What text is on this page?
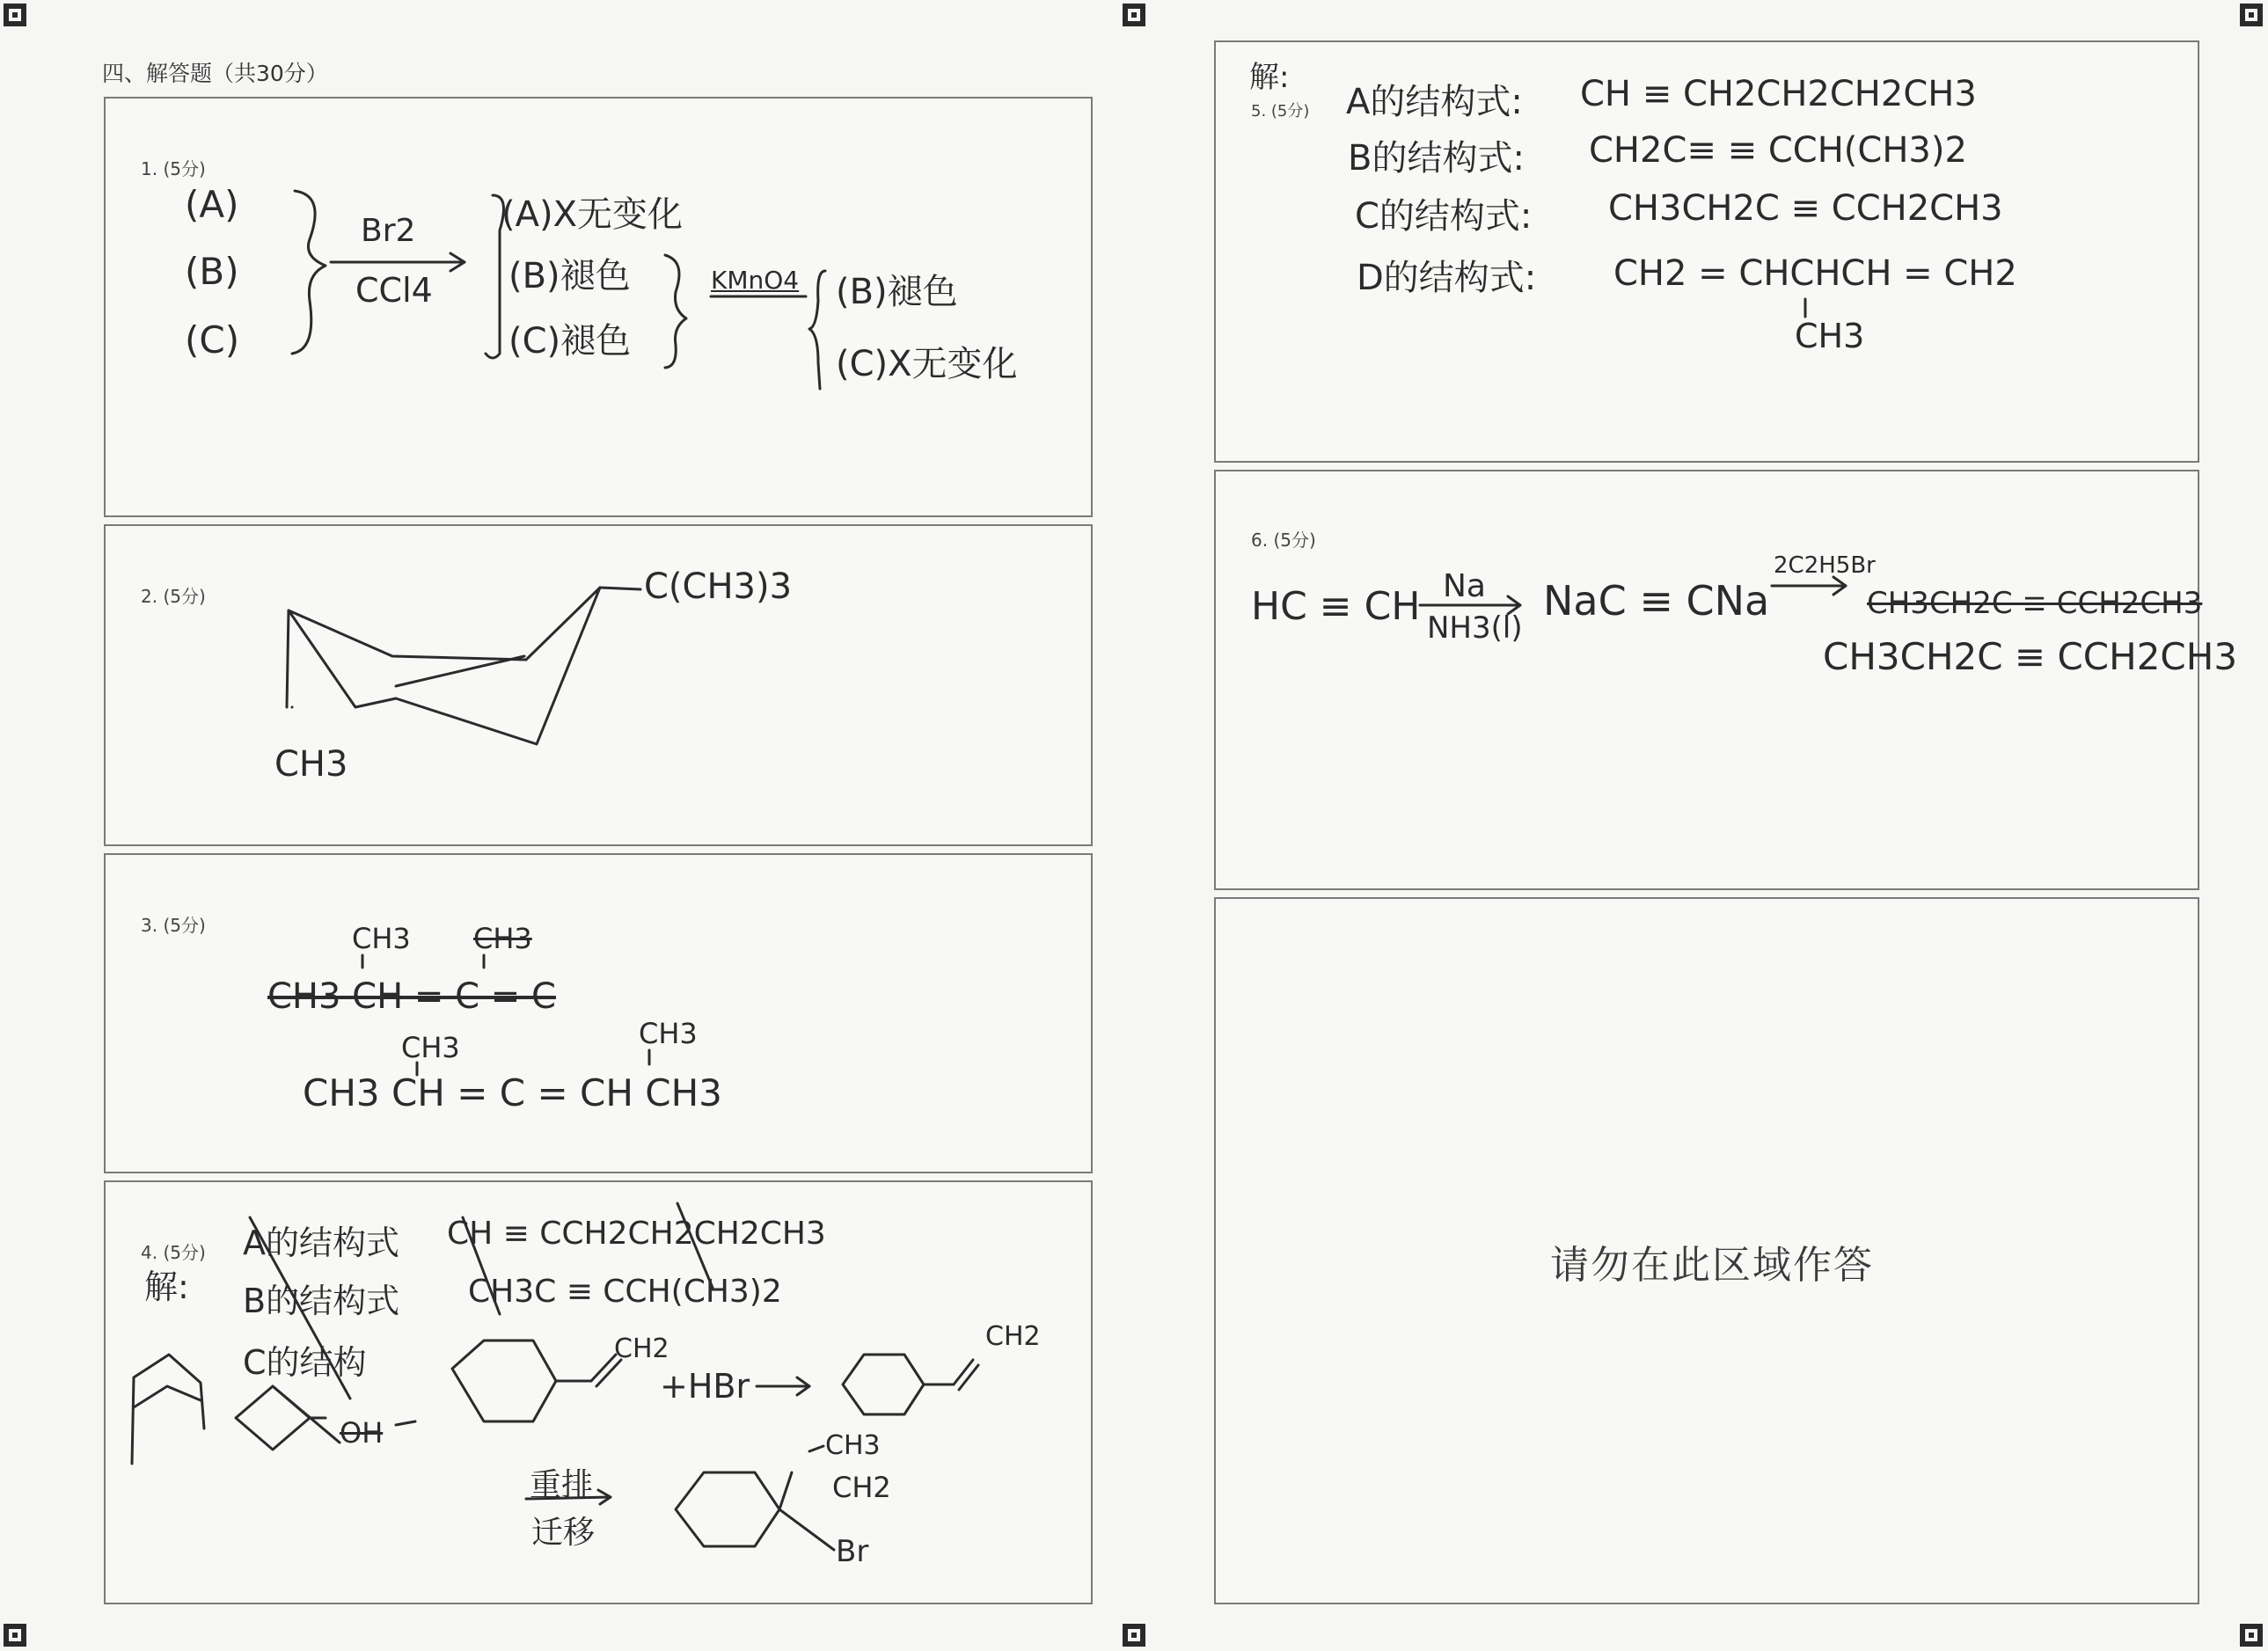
四、解答题（共30分）
1. (5分)
(A)
(B)
(C)
Br2
CCl4
(A)X无变化
(B)褪色
(C)褪色
KMnO4 (B)褪色
(C)X无变化
2. (5分)	C(CH3)3
CH3
3. (5分)	CH3 CH3
CH3 CH = C = C
CH3	CH3
CH3 CH = C = CH CH3
4. (5分)
解:
A的结构式 CH ≡ CCH2CH2CH2CH3
B的结构式 CH3C ≡ CCH(CH3)2
C的结构	CH2
+HBr
CH2
OH
重排
迁移
CH3
CH2
Br
解:
5. (5分) A的结构式: CH ≡ CH2CH2CH2CH3
B的结构式: CH2C≡ ≡ CCH(CH3)2
C的结构式: CH3CH2C ≡ CCH2CH3
D的结构式: CH2 = CHCHCH = CH2
CH3
6. (5分)
HC ≡ CH Na
NH3(l)
NaC ≡ CNa
2C2H5Br
CH3CH2C ≡ CCH2CH3
CH3CH2C ≡ CCH2CH3
请勿在此区域作答
